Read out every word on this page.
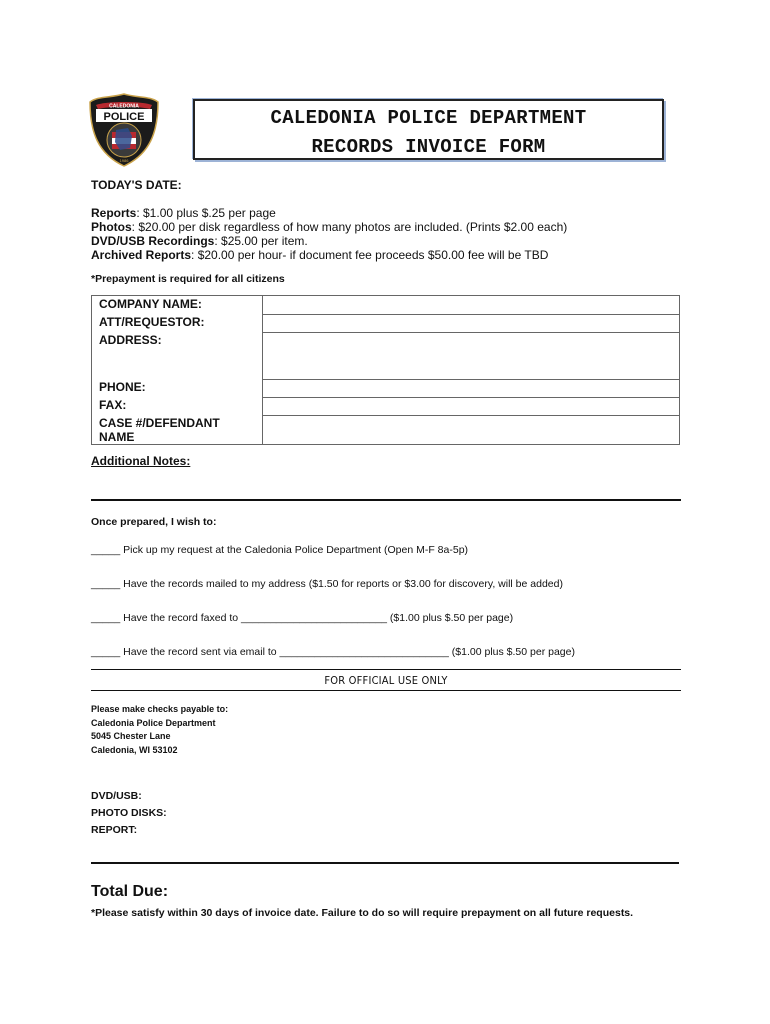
CALEDONIA
POLICE
1986
CALEDONIA POLICE DEPARTMENT
RECORDS INVOICE FORM
TODAY'S DATE:
Reports: $1.00 plus $.25 per page
Photos: $20.00 per disk regardless of how many photos are included. (Prints $2.00 each)
DVD/USB Recordings: $25.00 per item.
Archived Reports: $20.00 per hour- if document fee proceeds $50.00 fee will be TBD
*Prepayment is required for all citizens
COMPANY NAME:	
ATT/REQUESTOR:	
ADDRESS:	
PHONE:	
FAX:	
CASE #/DEFENDANT NAME	
Additional Notes:
Once prepared, I wish to:
_____ Pick up my request at the Caledonia Police Department (Open M-F 8a-5p)
_____ Have the records mailed to my address ($1.50 for reports or $3.00 for discovery, will be added)
_____ Have the record faxed to _________________________ ($1.00 plus $.50 per page)
_____ Have the record sent via email to _____________________________ ($1.00 plus $.50 per page)
FOR OFFICIAL USE ONLY
Please make checks payable to:
Caledonia Police Department
5045 Chester Lane
Caledonia, WI 53102
DVD/USB:
PHOTO DISKS:
REPORT:
Total Due:
*Please satisfy within 30 days of invoice date. Failure to do so will require prepayment on all future requests.
